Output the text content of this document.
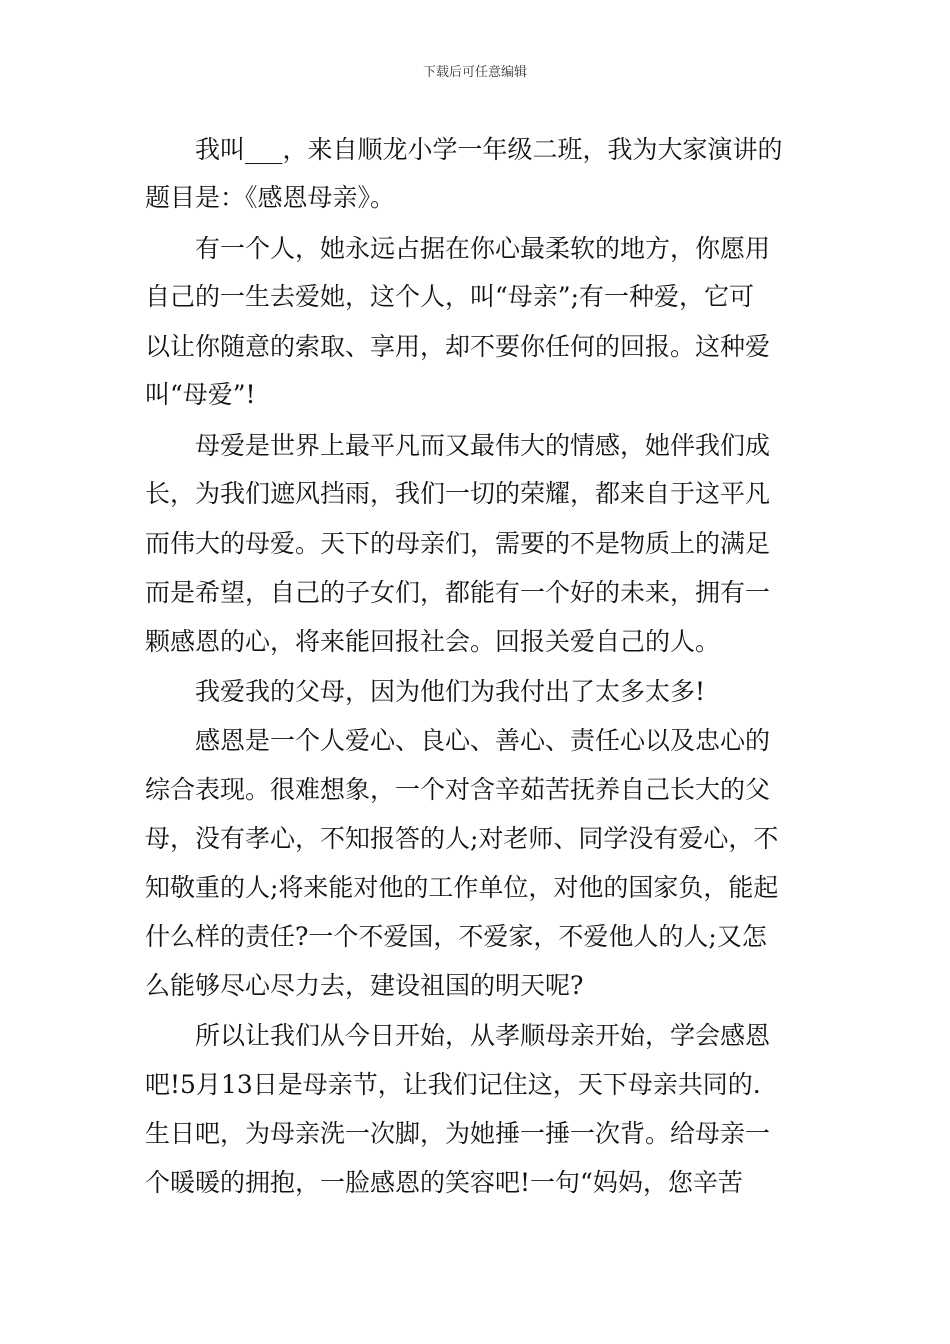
下载后可任意编辑
　　我叫___，来自顺龙小学一年级二班，我为大家演讲的
题目是：《感恩母亲》。
　　有一个人，她永远占据在你心最柔软的地方，你愿用
自己的一生去爱她，这个人，叫“母亲”;有一种爱，它可
以让你随意的索取、享用，却不要你任何的回报。这种爱
叫“母爱”!
　　母爱是世界上最平凡而又最伟大的情感，她伴我们成
长，为我们遮风挡雨，我们一切的荣耀，都来自于这平凡
而伟大的母爱。天下的母亲们，需要的不是物质上的满足
而是希望，自己的子女们，都能有一个好的未来，拥有一
颗感恩的心，将来能回报社会。回报关爱自己的人。
　　我爱我的父母，因为他们为我付出了太多太多!
　　感恩是一个人爱心、良心、善心、责任心以及忠心的
综合表现。很难想象，一个对含辛茹苦抚养自己长大的父
母，没有孝心，不知报答的人;对老师、同学没有爱心，不
知敬重的人;将来能对他的工作单位，对他的国家负，能起
什么样的责任?一个不爱国，不爱家，不爱他人的人;又怎
么能够尽心尽力去，建设祖国的明天呢?
　　所以让我们从今日开始，从孝顺母亲开始，学会感恩
吧!5月13日是母亲节，让我们记住这，天下母亲共同的.
生日吧，为母亲洗一次脚，为她捶一捶一次背。给母亲一
个暖暖的拥抱，一脸感恩的笑容吧!一句“妈妈，您辛苦
